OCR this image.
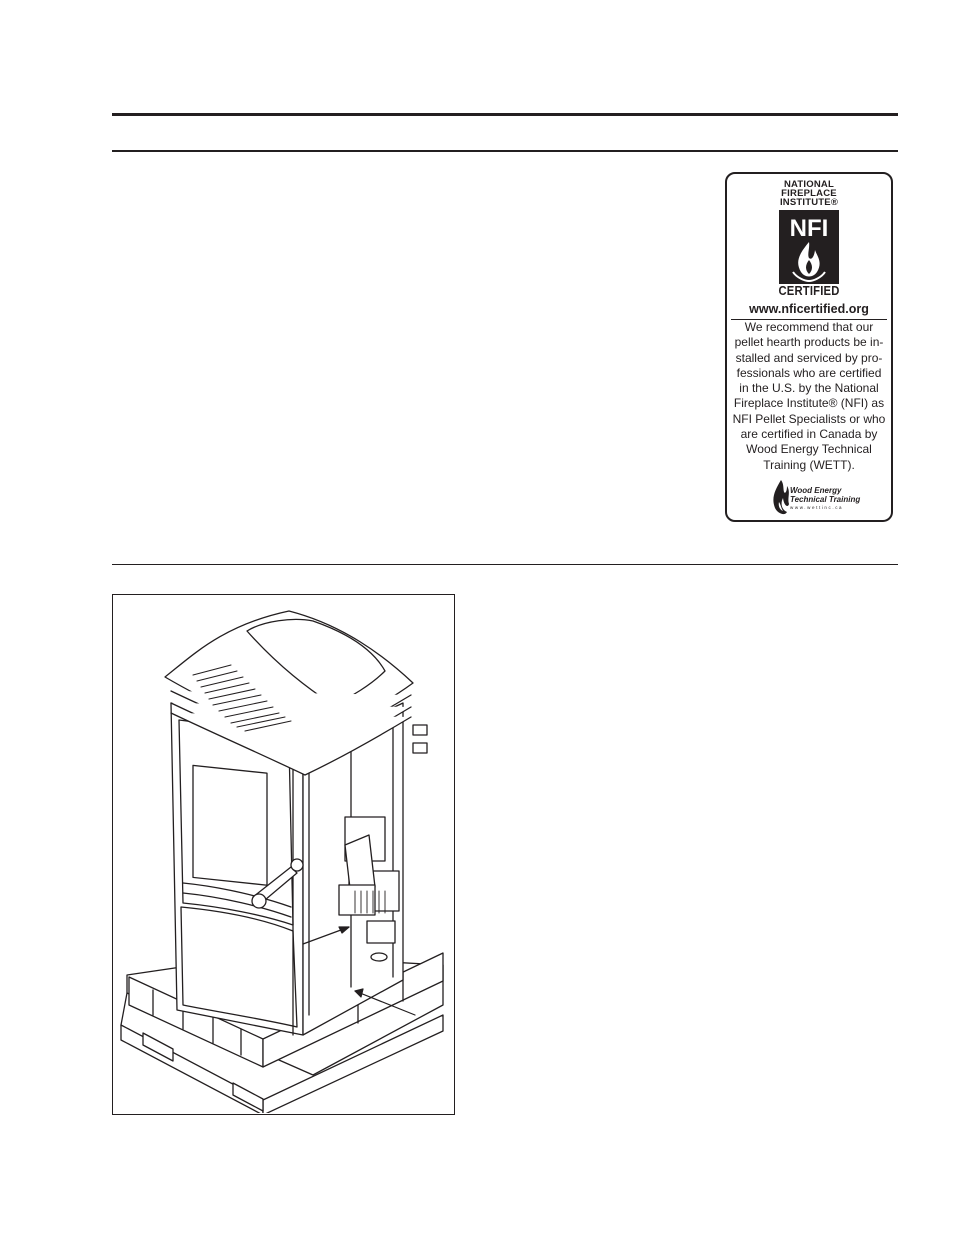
NATIONAL
FIREPLACE
INSTITUTE®
NFI
CERTIFIED
www.nficertified.org
We recommend that our
pellet hearth products be in-
stalled and serviced by pro-
fessionals who are certified
in the U.S. by the National
Fireplace Institute® (NFI) as
NFI Pellet Specialists or who
are certified in Canada by
Wood Energy Technical
Training (WETT).
Wood Energy
Technical Training
www.wettinc.ca
